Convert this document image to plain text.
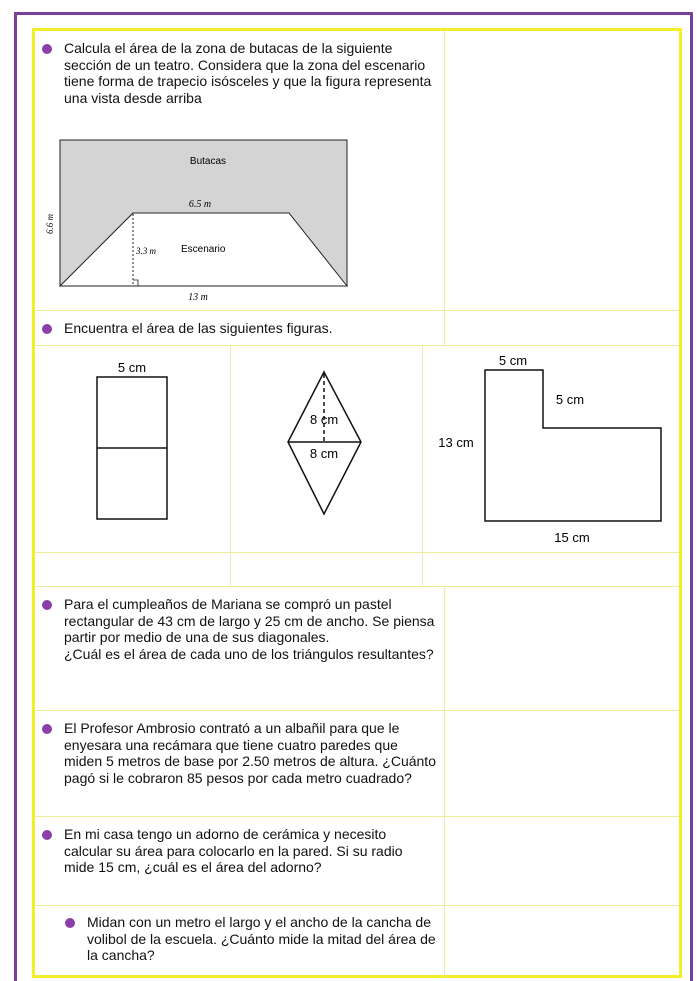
Calcula el área de la zona de butacas de la siguiente sección de un teatro. Considera que la zona del escenario tiene forma de trapecio isósceles y que la figura representa una vista desde arriba

Butacas
6.5 m
Escenario
3.3 m
6.6 m
13 m

Encuentra el área de las siguientes figuras.

5 cm
8 cm
8 cm
5 cm
5 cm
13 cm
15 cm

Para el cumpleaños de Mariana se compró un pastel rectangular de 43 cm de largo y 25 cm de ancho. Se piensa partir por medio de una de sus diagonales.
¿Cuál es el área de cada uno de los triángulos resultantes?

El Profesor Ambrosio contrató a un albañil para que le enyesara una recámara que tiene cuatro paredes que miden 5 metros de base por 2.50 metros de altura. ¿Cuánto pagó si le cobraron 85 pesos por cada metro cuadrado?

En mi casa tengo un adorno de cerámica y necesito calcular su área para colocarlo en la pared. Si su radio mide 15 cm, ¿cuál es el área del adorno?

Midan con un metro el largo y el ancho de la cancha de volibol de la escuela. ¿Cuánto mide la mitad del área de la cancha?
